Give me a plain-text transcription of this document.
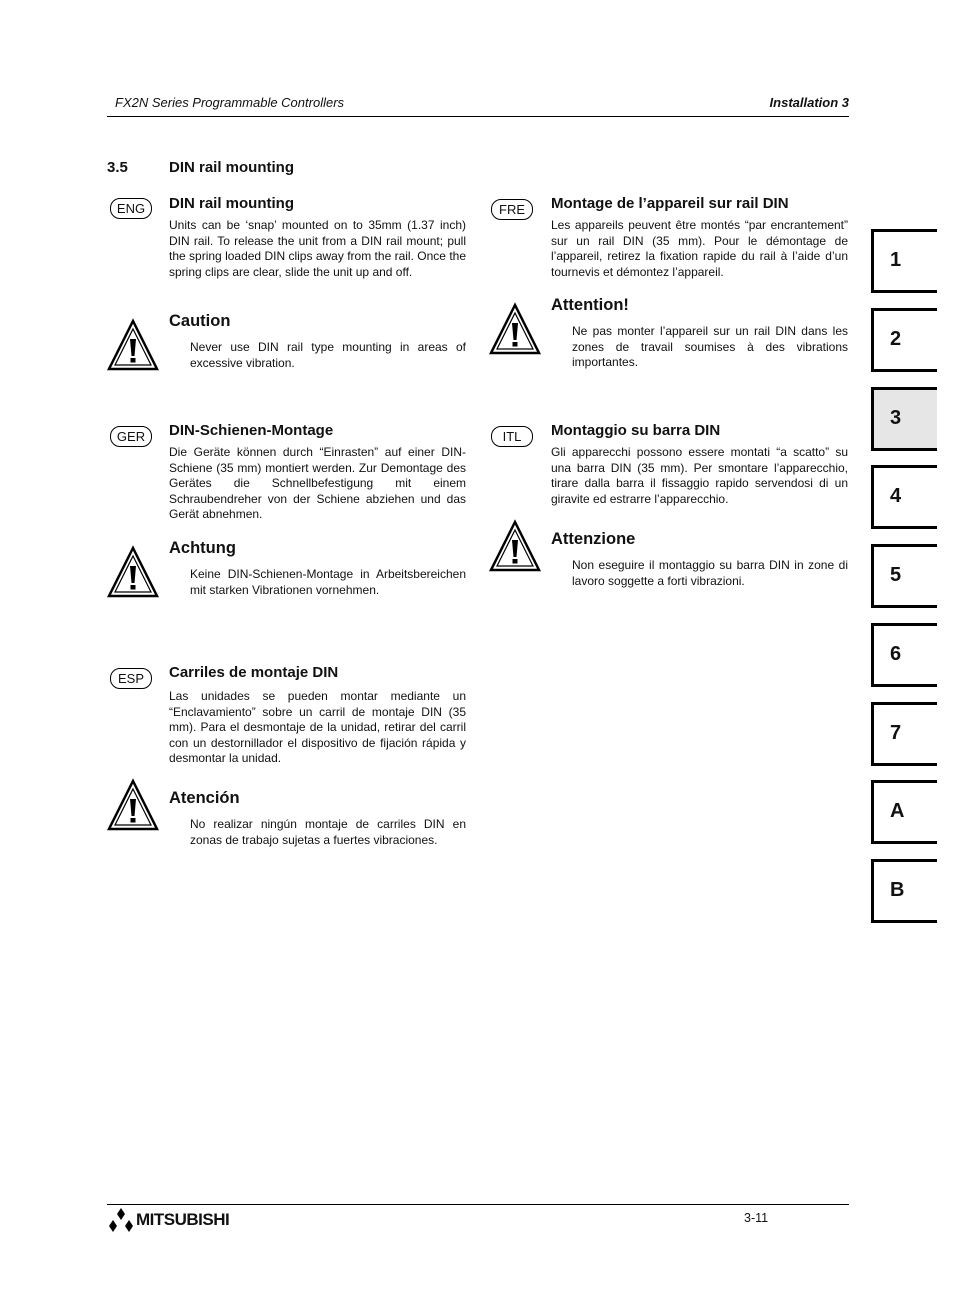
FX2N Series Programmable Controllers	Installation 3
3.5	DIN rail mounting
ENG	DIN rail mounting

Units can be ‘snap’ mounted on to 35mm (1.37 inch) DIN rail. To release the unit from a DIN rail mount; pull the spring loaded DIN clips away from the rail. Once the spring clips are clear, slide the unit up and off.

Caution

Never use DIN rail type mounting in areas of excessive vibration.

GER	DIN-Schienen-Montage

Die Geräte können durch “Einrasten” auf einer DIN-Schiene (35 mm) montiert werden. Zur Demontage des Gerätes die Schnellbefestigung mit einem Schraubendreher von der Schiene abziehen und das Gerät abnehmen.

Achtung

Keine DIN-Schienen-Montage in Arbeitsbereichen mit starken Vibrationen vornehmen.

ESP	Carriles de montaje DIN

Las unidades se pueden montar mediante un “Enclavamiento” sobre un carril de montaje DIN (35 mm). Para el desmontaje de la unidad, retirar del carril con un destornillador el dispositivo de fijación rápida y desmontar la unidad.

Atención

No realizar ningún montaje de carriles DIN en zonas de trabajo sujetas a fuertes vibraciones.

FRE	Montage de l’appareil sur rail DIN

Les appareils peuvent être montés “par encrantement” sur un rail DIN (35 mm). Pour le démontage de l’appareil, retirez la fixation rapide du rail à l’aide d’un tournevis et démontez l’appareil.

Attention!

Ne pas monter l’appareil sur un rail DIN dans les zones de travail soumises à des vibrations importantes.

ITL	Montaggio su barra DIN

Gli apparecchi possono essere montati “a scatto” su una barra DIN (35 mm). Per smontare l’apparecchio, tirare dalla barra il fissaggio rapido servendosi di un giravite ed estrarre l’apparecchio.

Attenzione

Non eseguire il montaggio su barra DIN in zone di lavoro soggette a forti vibrazioni.

1
2
3
4
5
6
7
A
B
MITSUBISHI	3-11
